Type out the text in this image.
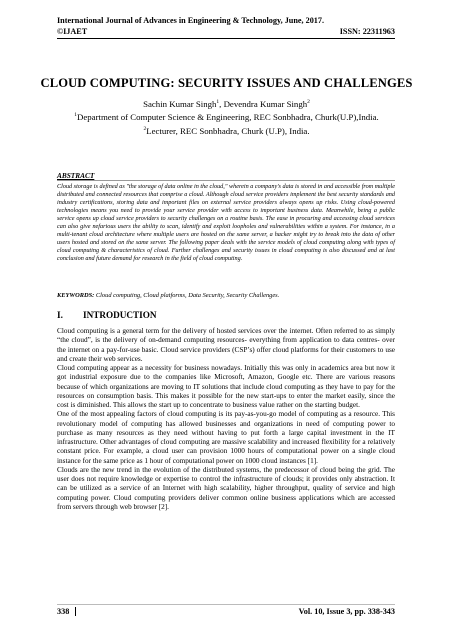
International Journal of Advances in Engineering & Technology, June, 2017.
©IJAET	ISSN: 22311963
CLOUD COMPUTING: SECURITY ISSUES AND CHALLENGES
Sachin Kumar Singh$^1$, Devendra Kumar Singh$^2$
$^1$Department of Computer Science & Engineering, REC Sonbhadra, Churk(U.P),India.
$^2$Lecturer, REC Sonbhadra, Churk (U.P), India.
ABSTRACT
Cloud storage is defined as "the storage of data online in the cloud," wherein a company's data is stored in and accessible from multiple distributed and connected resources that comprise a cloud. Although cloud service providers implement the best security standards and industry certifications, storing data and important files on external service providers always opens up risks. Using cloud-powered technologies means you need to provide your service provider with access to important business data. Meanwhile, being a public service opens up cloud service providers to security challenges on a routine basis. The ease in procuring and accessing cloud services can also give nefarious users the ability to scan, identify and exploit loopholes and vulnerabilities within a system. For instance, in a multi-tenant cloud architecture where multiple users are hosted on the same server, a hacker might try to break into the data of other users hosted and stored on the same server. The following paper deals with the service models of cloud computing along with types of cloud computing & characteristics of cloud. Further challenges and security issues in cloud computing is also discussed and at last conclusion and future demand for research in the field of cloud computing.
KEYWORDS: Cloud computing, Cloud platforms, Data Security, Security Challenges.
I. INTRODUCTION

Cloud computing is a general term for the delivery of hosted services over the internet. Often referred to as simply “the cloud”, is the delivery of on-demand computing resources- everything from application to data centres- over the internet on a pay-for-use basic. Cloud service providers (CSP’s) offer cloud platforms for their customers to use and create their web services.

Cloud computing appear as a necessity for business nowadays. Initially this was only in academics area but now it got industrial exposure due to the companies like Microsoft, Amazon, Google etc. There are various reasons because of which organizations are moving to IT solutions that include cloud computing as they have to pay for the resources on consumption basis. This makes it possible for the new start-ups to enter the market easily, since the cost is diminished. This allows the start up to concentrate to business value rather on the starting budget.

One of the most appealing factors of cloud computing is its pay-as-you-go model of computing as a resource. This revolutionary model of computing has allowed businesses and organizations in need of computing power to purchase as many resources as they need without having to put forth a large capital investment in the IT infrastructure. Other advantages of cloud computing are massive scalability and increased flexibility for a relatively constant price. For example, a cloud user can provision 1000 hours of computational power on a single cloud instance for the same price as 1 hour of computational power on 1000 cloud instances [1].

Clouds are the new trend in the evolution of the distributed systems, the predecessor of cloud being the grid. The user does not require knowledge or expertise to control the infrastructure of clouds; it provides only abstraction. It can be utilized as a service of an Internet with high scalability, higher throughput, quality of service and high computing power. Cloud computing providers deliver common online business applications which are accessed from servers through web browser [2].

338	Vol. 10, Issue 3, pp. 338-343
